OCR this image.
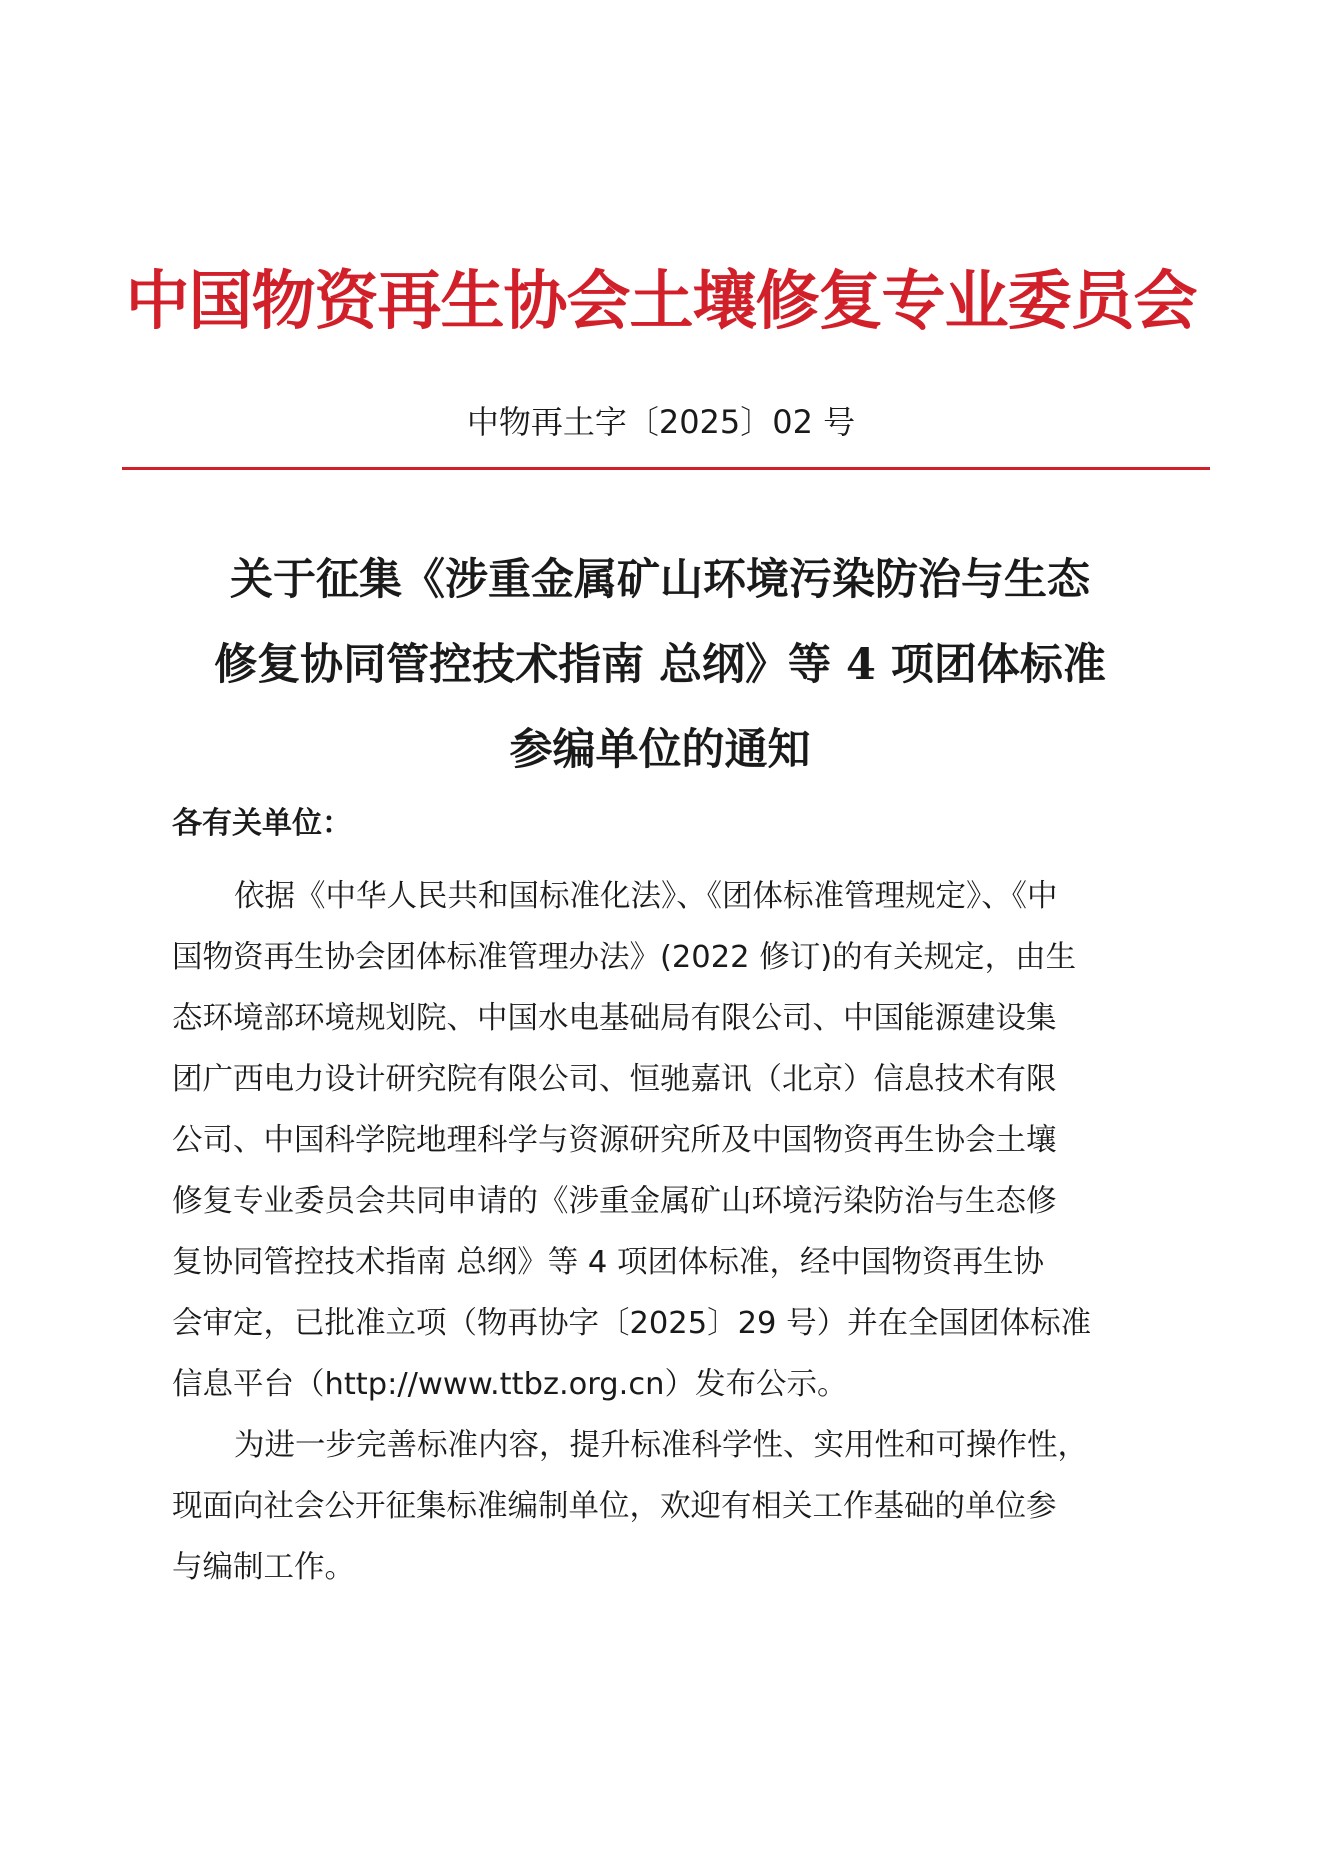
中国物资再生协会土壤修复专业委员会
中物再土字〔2025〕02 号
关于征集《涉重金属矿山环境污染防治与生态
修复协同管控技术指南 总纲》等 4 项团体标准
参编单位的通知
各有关单位：
依据《中华人民共和国标准化法》、《团体标准管理规定》、《中
国物资再生协会团体标准管理办法》(2022 修订)的有关规定，由生
态环境部环境规划院、中国水电基础局有限公司、中国能源建设集
团广西电力设计研究院有限公司、恒驰嘉讯（北京）信息技术有限
公司、中国科学院地理科学与资源研究所及中国物资再生协会土壤
修复专业委员会共同申请的《涉重金属矿山环境污染防治与生态修
复协同管控技术指南 总纲》等 4 项团体标准，经中国物资再生协
会审定，已批准立项（物再协字〔2025〕29 号）并在全国团体标准
信息平台（http://www.ttbz.org.cn）发布公示。
为进一步完善标准内容，提升标准科学性、实用性和可操作性，
现面向社会公开征集标准编制单位，欢迎有相关工作基础的单位参
与编制工作。
